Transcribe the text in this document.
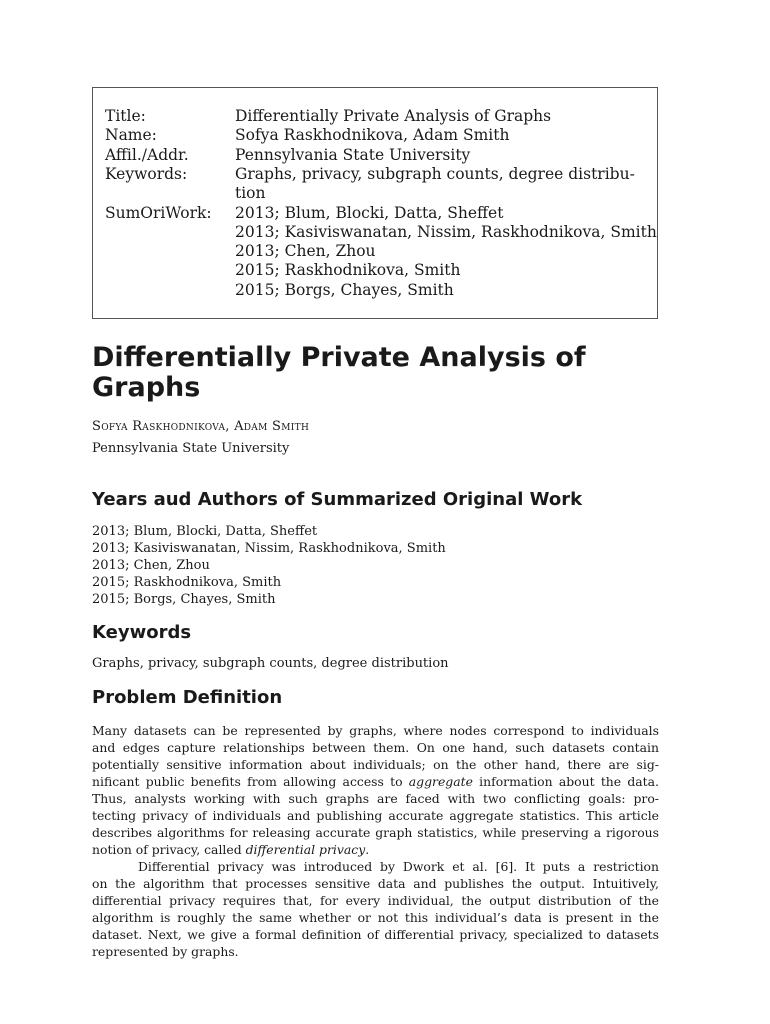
Title:	Differentially Private Analysis of Graphs
Name:	Sofya Raskhodnikova, Adam Smith
Affil./Addr.	Pennsylvania State University
Keywords:	Graphs, privacy, subgraph counts, degree distribu-
tion
SumOriWork:	2013; Blum, Blocki, Datta, Sheffet
2013; Kasiviswanatan, Nissim, Raskhodnikova, Smith
2013; Chen, Zhou
2015; Raskhodnikova, Smith
2015; Borgs, Chayes, Smith
Differentially Private Analysis of
Graphs
Sofya Raskhodnikova, Adam Smith
Pennsylvania State University
Years aud Authors of Summarized Original Work
2013; Blum, Blocki, Datta, Sheffet
2013; Kasiviswanatan, Nissim, Raskhodnikova, Smith
2013; Chen, Zhou
2015; Raskhodnikova, Smith
2015; Borgs, Chayes, Smith
Keywords
Graphs, privacy, subgraph counts, degree distribution
Problem Definition
Many datasets can be represented by graphs, where nodes correspond to individuals
and edges capture relationships between them. On one hand, such datasets contain
potentially sensitive information about individuals; on the other hand, there are sig-
nificant public benefits from allowing access to aggregate information about the data.
Thus, analysts working with such graphs are faced with two conflicting goals: pro-
tecting privacy of individuals and publishing accurate aggregate statistics. This article
describes algorithms for releasing accurate graph statistics, while preserving a rigorous
notion of privacy, called differential privacy.
Differential privacy was introduced by Dwork et al. [6]. It puts a restriction
on the algorithm that processes sensitive data and publishes the output. Intuitively,
differential privacy requires that, for every individual, the output distribution of the
algorithm is roughly the same whether or not this individual’s data is present in the
dataset. Next, we give a formal definition of differential privacy, specialized to datasets
represented by graphs.
